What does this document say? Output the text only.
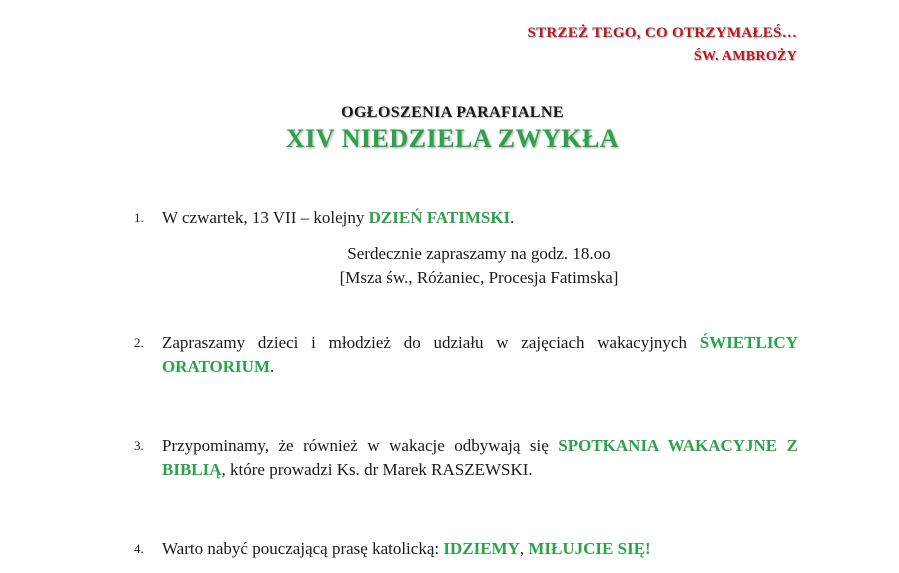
STRZEŻ TEGO, CO OTRZYMAŁEŚ…
ŚW. AMBROŻY
OGŁOSZENIA PARAFIALNE
XIV NIEDZIELA ZWYKŁA
1.	W czwartek, 13 VII – kolejny DZIEŃ FATIMSKI.
Serdecznie zapraszamy na godz. 18.oo
[Msza św., Różaniec, Procesja Fatimska]
2.	Zapraszamy dzieci i młodzież do udziału w zajęciach wakacyjnych ŚWIETLICY ORATORIUM.
3.	Przypominamy, że również w wakacje odbywają się SPOTKANIA WAKACYJNE Z BIBLIĄ, które prowadzi Ks. dr Marek RASZEWSKI.
4.	Warto nabyć pouczającą prasę katolicką: IDZIEMY, MIŁUJCIE SIĘ!
